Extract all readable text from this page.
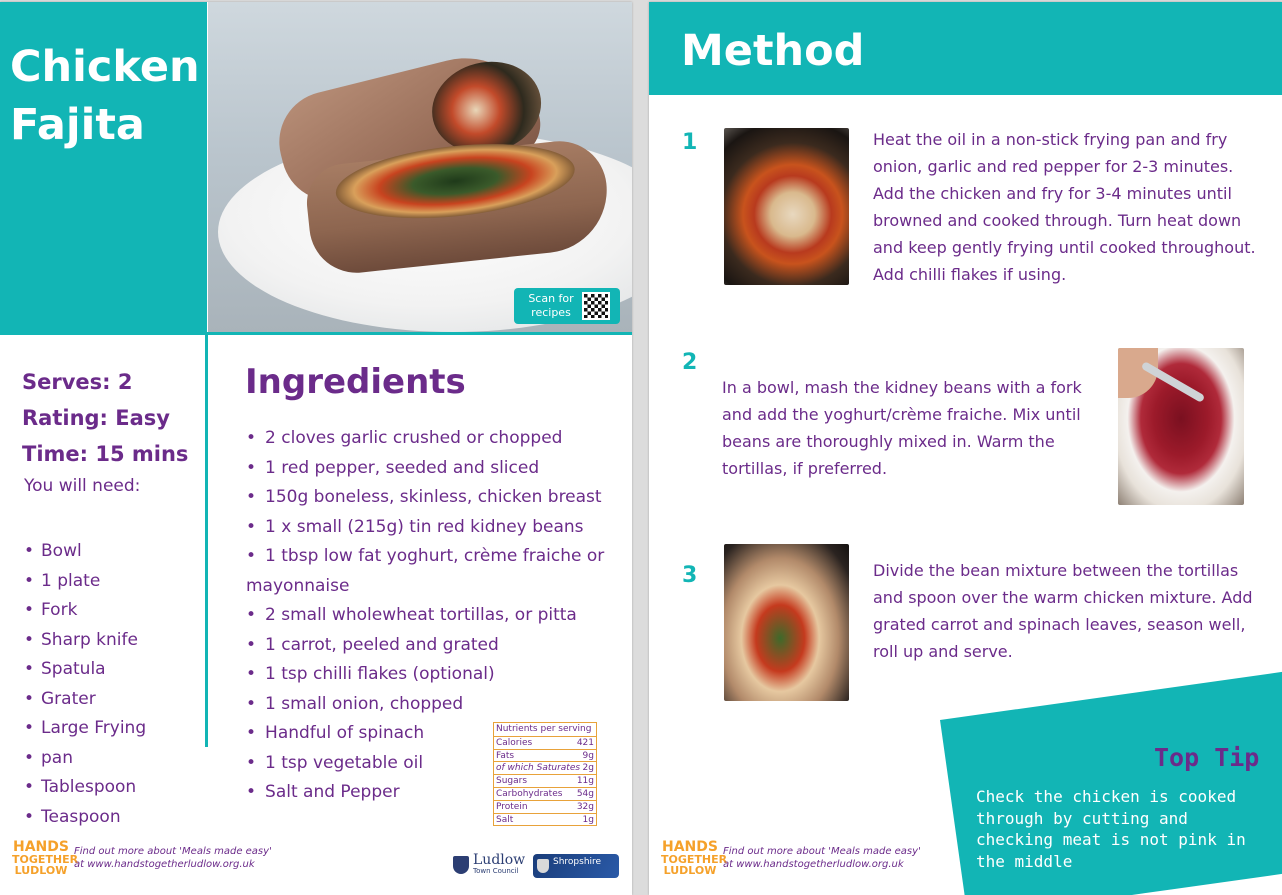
Chicken
Fajita
Scan for
recipes
Serves: 2
Rating: Easy
Time: 15 mins
You will need:
• Bowl
• 1 plate
• Fork
• Sharp knife
• Spatula
• Grater
• Large Frying
• pan
• Tablespoon
• Teaspoon
Ingredients
• 2 cloves garlic crushed or chopped
• 1 red pepper, seeded and sliced
• 150g boneless, skinless, chicken breast
• 1 x small (215g) tin red kidney beans
• 1 tbsp low fat yoghurt, crème fraiche or
mayonnaise
• 2 small wholewheat tortillas, or pitta
• 1 carrot, peeled and grated
• 1 tsp chilli flakes (optional)
• 1 small onion, chopped
• Handful of spinach
• 1 tsp vegetable oil
• Salt and Pepper
Nutrients per serving
Calories	421
Fats	9g
of which Saturates 2g
Sugars	11g
Carbohydrates 54g
Protein	32g
Salt	1g
HANDS
TOGETHER
LUDLOW
Find out more about 'Meals made easy'
at www.handstogetherludlow.org.uk	Ludlow
Town Council
Shropshire
Method
1	Heat the oil in a non-stick frying pan and fry onion, garlic and red pepper for 2-3 minutes. Add the chicken and fry for 3-4 minutes until browned and cooked through. Turn heat down and keep gently frying until cooked throughout. Add chilli flakes if using.
2
In a bowl, mash the kidney beans with a fork and add the yoghurt/crème fraiche. Mix until beans are thoroughly mixed in. Warm the tortillas, if preferred.
3	Divide the bean mixture between the tortillas and spoon over the warm chicken mixture. Add grated carrot and spinach leaves, season well, roll up and serve.
Top Tip
Check the chicken is cooked through by cutting and checking meat is not pink in the middle
HANDS
TOGETHER
LUDLOW
Find out more about 'Meals made easy'
at www.handstogetherludlow.org.uk
